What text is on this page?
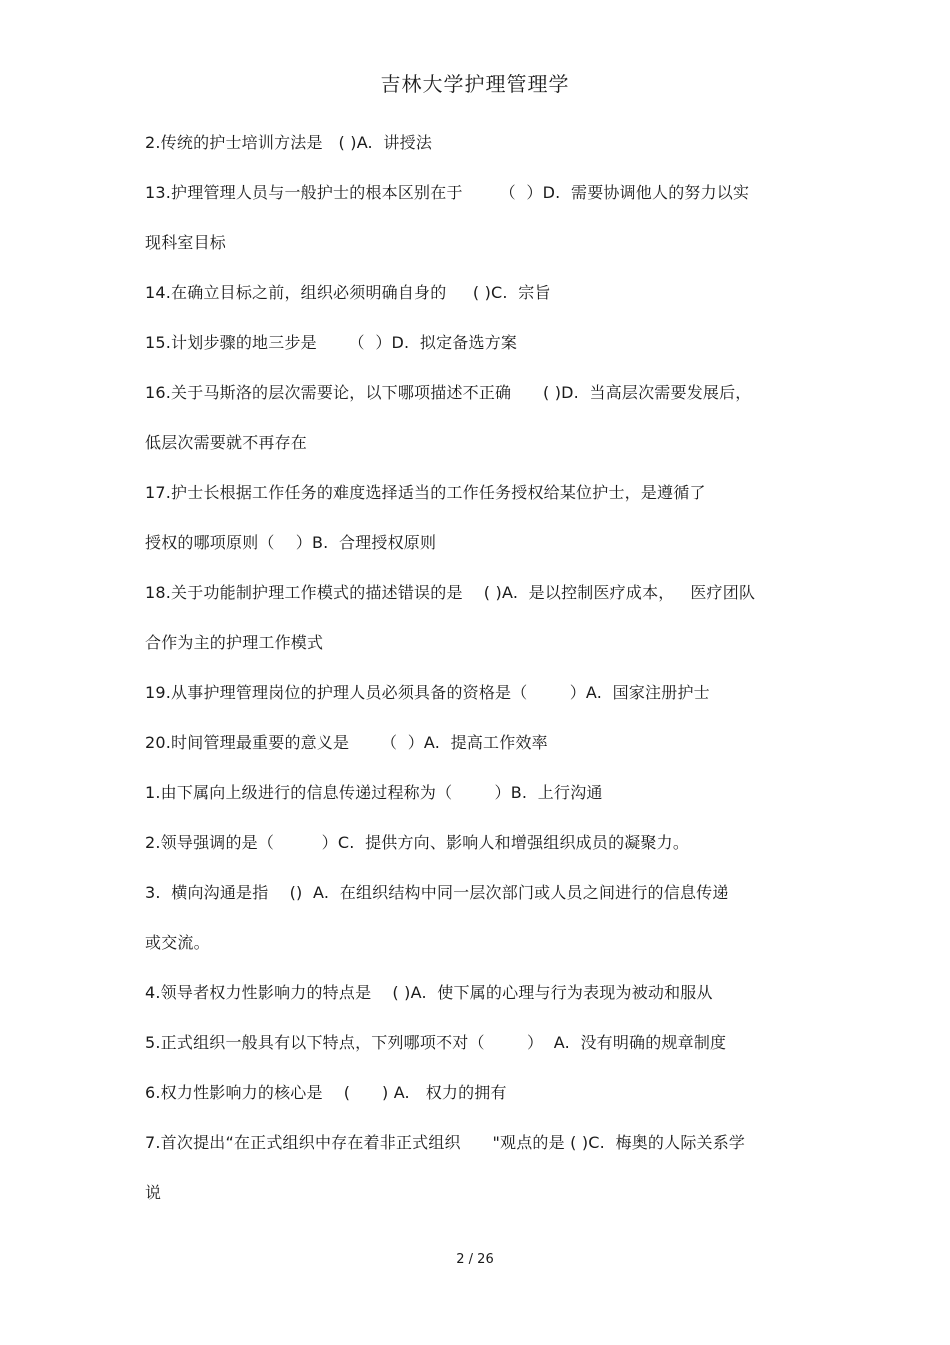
吉林大学护理管理学
2.传统的护士培训方法是   ( )A.  讲授法
13.护理管理人员与一般护士的根本区别在于       （  ）D.  需要协调他人的努力以实
现科室目标
14.在确立目标之前，组织必须明确自身的     ( )C.  宗旨
15.计划步骤的地三步是      （  ）D.  拟定备选方案
16.关于马斯洛的层次需要论，以下哪项描述不正确      ( )D.  当高层次需要发展后，
低层次需要就不再存在
17.护士长根据工作任务的难度选择适当的工作任务授权给某位护士，是遵循了
授权的哪项原则（    ）B.  合理授权原则
18.关于功能制护理工作模式的描述错误的是    ( )A.  是以控制医疗成本，   医疗团队
合作为主的护理工作模式
19.从事护理管理岗位的护理人员必须具备的资格是（        ）A.  国家注册护士
20.时间管理最重要的意义是      （  ）A.  提高工作效率
1.由下属向上级进行的信息传递过程称为（        ）B.  上行沟通
2.领导强调的是（         ）C.  提供方向、影响人和增强组织成员的凝聚力。
3.  横向沟通是指    ()  A.  在组织结构中同一层次部门或人员之间进行的信息传递
或交流。
4.领导者权力性影响力的特点是    ( )A.  使下属的心理与行为表现为被动和服从
5.正式组织一般具有以下特点，下列哪项不对（        ）  A.  没有明确的规章制度
6.权力性影响力的核心是    (      ) A.   权力的拥有
7.首次提出“在正式组织中存在着非正式组织      "观点的是 ( )C.  梅奥的人际关系学
说
2 / 26
